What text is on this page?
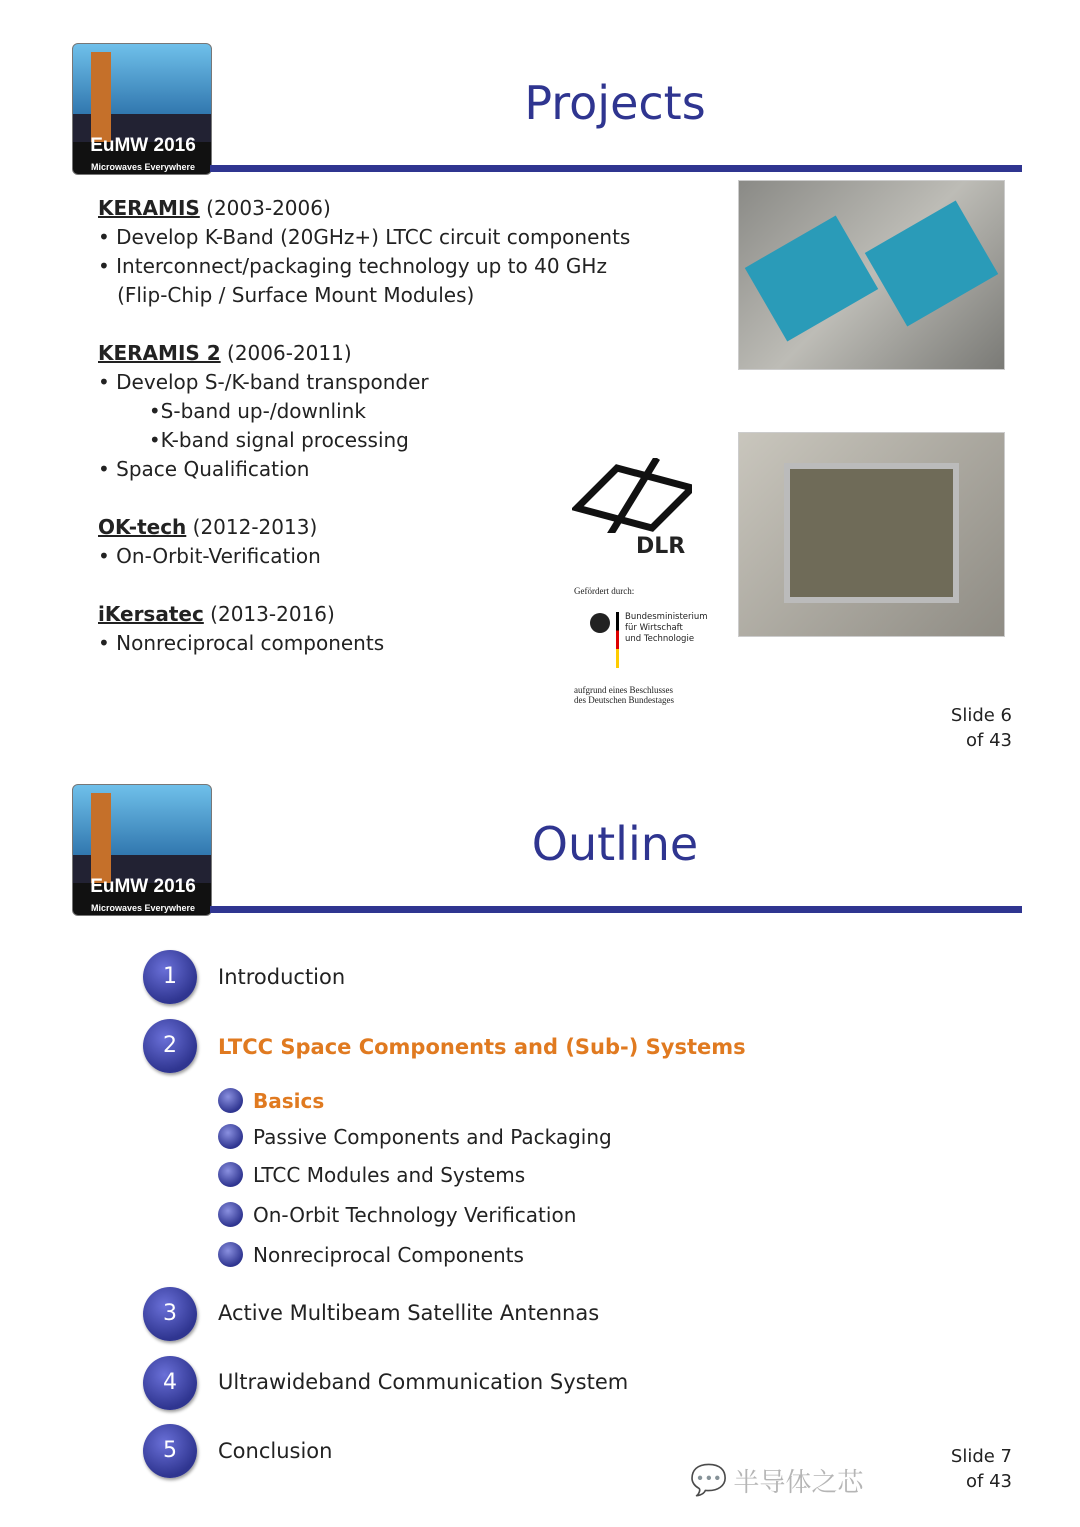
EuMW 2016
Microwaves Everywhere
Projects
KERAMIS (2003-2006)
• Develop K-Band (20GHz+) LTCC circuit components
• Interconnect/packaging technology up to 40 GHz
(Flip-Chip / Surface Mount Modules)
KERAMIS 2 (2006-2011)
• Develop S-/K-band transponder
•S-band up-/downlink
•K-band signal processing
• Space Qualification
OK-tech (2012-2013)
• On-Orbit-Verification
iKersatec (2013-2016)
• Nonreciprocal components
DLR
Gefördert durch:
Bundesministerium
für Wirtschaft
und Technologie
aufgrund eines Beschlusses
des Deutschen Bundestages
Slide 6
of 43
EuMW 2016
Microwaves Everywhere
Outline
1	Introduction
2	LTCC Space Components and (Sub-) Systems
Basics
Passive Components and Packaging
LTCC Modules and Systems
On-Orbit Technology Verification
Nonreciprocal Components
3	Active Multibeam Satellite Antennas
4	Ultrawideband Communication System
5	Conclusion	Slide 7
of 43
💬 半导体之芯
